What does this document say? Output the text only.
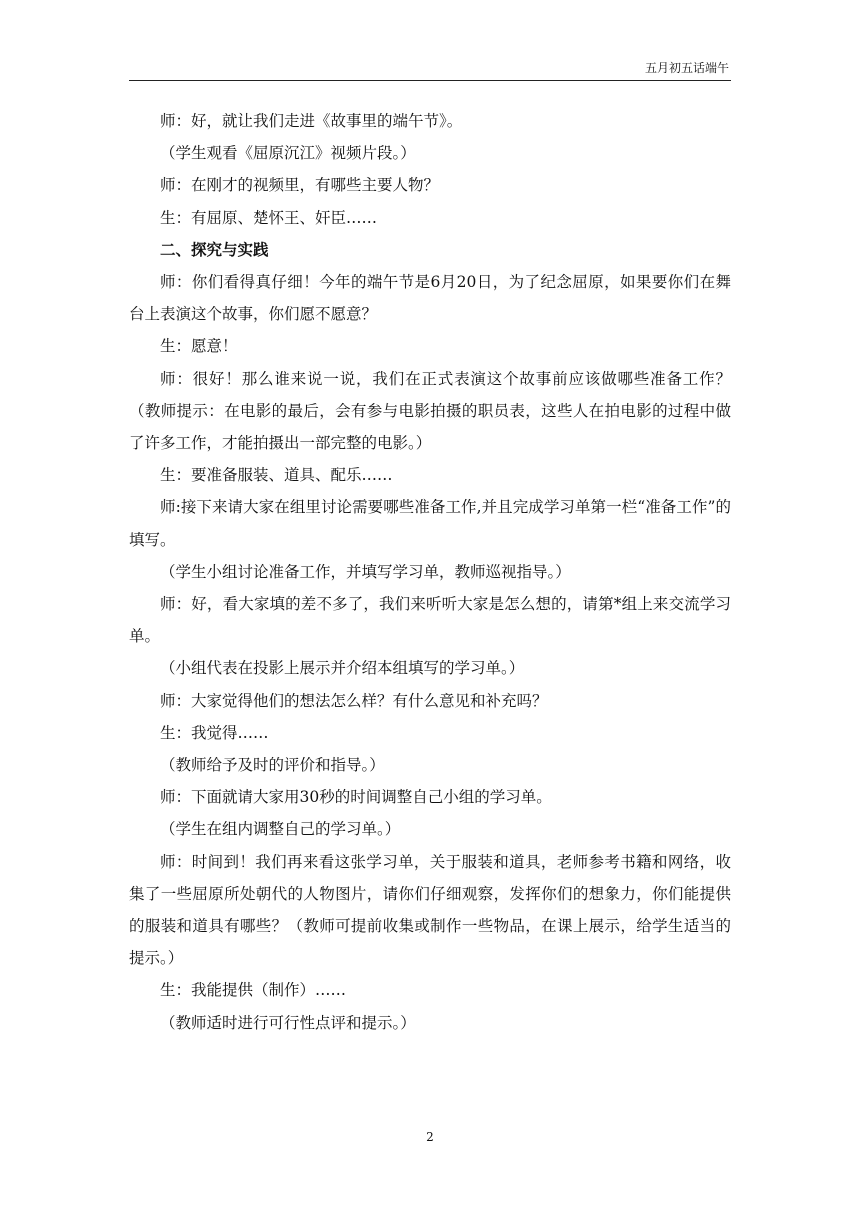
五月初五话端午

师：好，就让我们走进《故事里的端午节》。

（学生观看《屈原沉江》视频片段。）

师：在刚才的视频里，有哪些主要人物？

生：有屈原、楚怀王、奸臣……

二、探究与实践

师：你们看得真仔细！今年的端午节是6月20日，为了纪念屈原，如果要你们在舞台上表演这个故事，你们愿不愿意？

生：愿意！

师：很好！那么谁来说一说，我们在正式表演这个故事前应该做哪些准备工作？（教师提示：在电影的最后，会有参与电影拍摄的职员表，这些人在拍电影的过程中做了许多工作，才能拍摄出一部完整的电影。）

生：要准备服装、道具、配乐……

师:接下来请大家在组里讨论需要哪些准备工作,并且完成学习单第一栏“准备工作”的填写。

（学生小组讨论准备工作，并填写学习单，教师巡视指导。）

师：好，看大家填的差不多了，我们来听听大家是怎么想的，请第*组上来交流学习单。

（小组代表在投影上展示并介绍本组填写的学习单。）

师：大家觉得他们的想法怎么样？有什么意见和补充吗？

生：我觉得……

（教师给予及时的评价和指导。）

师：下面就请大家用30秒的时间调整自己小组的学习单。

（学生在组内调整自己的学习单。）

师：时间到！我们再来看这张学习单，关于服装和道具，老师参考书籍和网络，收集了一些屈原所处朝代的人物图片，请你们仔细观察，发挥你们的想象力，你们能提供的服装和道具有哪些？（教师可提前收集或制作一些物品，在课上展示，给学生适当的提示。）

生：我能提供（制作）……

（教师适时进行可行性点评和提示。）

2
